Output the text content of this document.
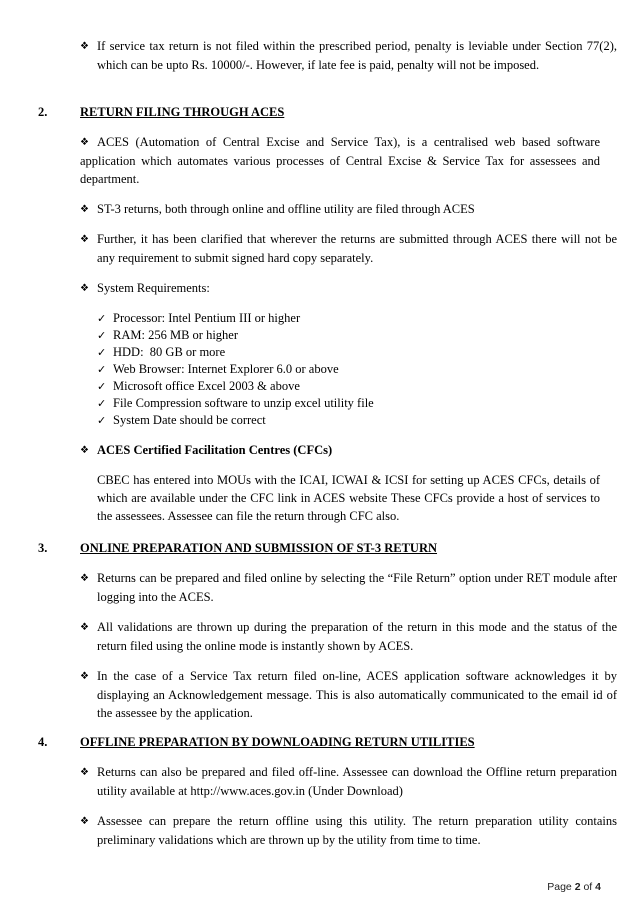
❖ If service tax return is not filed within the prescribed period, penalty is leviable under Section 77(2), which can be upto Rs. 10000/-. However, if late fee is paid, penalty will not be imposed.
2.	RETURN FILING THROUGH ACES
❖ ACES (Automation of Central Excise and Service Tax), is a centralised web based software application which automates various processes of Central Excise & Service Tax for assessees and department.
❖ ST-3 returns, both through online and offline utility are filed through ACES
❖ Further, it has been clarified that wherever the returns are submitted through ACES there will not be any requirement to submit signed hard copy separately.
❖ System Requirements:
✓ Processor: Intel Pentium III or higher
✓ RAM: 256 MB or higher
✓ HDD:  80 GB or more
✓ Web Browser: Internet Explorer 6.0 or above
✓ Microsoft office Excel 2003 & above
✓ File Compression software to unzip excel utility file
✓ System Date should be correct
❖ ACES Certified Facilitation Centres (CFCs)
CBEC has entered into MOUs with the ICAI, ICWAI & ICSI for setting up ACES CFCs, details of which are available under the CFC link in ACES website These CFCs provide a host of services to the assessees. Assessee can file the return through CFC also.
3.	ONLINE PREPARATION AND SUBMISSION OF ST-3 RETURN
❖ Returns can be prepared and filed online by selecting the “File Return” option under RET module after logging into the ACES.
❖ All validations are thrown up during the preparation of the return in this mode and the status of the return filed using the online mode is instantly shown by ACES.
❖ In the case of a Service Tax return filed on-line, ACES application software acknowledges it by displaying an Acknowledgement message. This is also automatically communicated to the email id of the assessee by the application.
4.	OFFLINE PREPARATION BY DOWNLOADING RETURN UTILITIES
❖ Returns can also be prepared and filed off-line. Assessee can download the Offline return preparation utility available at http://www.aces.gov.in (Under Download)
❖ Assessee can prepare the return offline using this utility. The return preparation utility contains preliminary validations which are thrown up by the utility from time to time.
Page 2 of 4
